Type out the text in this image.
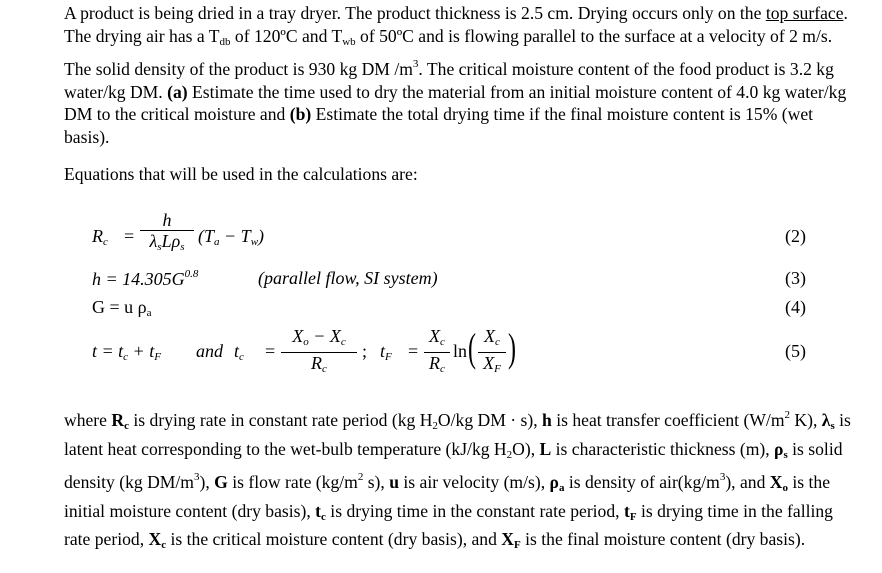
A product is being dried in a tray dryer. The product thickness is 2.5 cm. Drying occurs only on the top surface. The drying air has a $T_{db}$ of 120ºC and $T_{wb}$ of 50ºC and is flowing parallel to the surface at a velocity of 2 m/s. The solid density of the product is 930 kg DM $/m^3$. The critical moisture content of the food product is 3.2 kg water/kg DM. (a) Estimate the time used to dry the material from an initial moisture content of 4.0 kg water/kg DM to the critical moisture and (b) Estimate the total drying time if the final moisture content is 15% (wet basis).

Equations that will be used in the calculations are:

$R_c$ =
h
$\lambda_sL\rho_s$
$(T_a - T_w)$	(2)
$h = 14.305G^{0.8}$	(parallel flow, SI system)	(3)
G = u $\rho_a$	(4)
$t = t_c + t_F$ and $t_c$ =
$X_o - X_c$
$R_c$
; $t_F$ =
$X_c$
$R_c$
ln ( $X_c$
$X_F$ )	(5)

where $R_c$ is drying rate in constant rate period (kg $H_2O/kg$ DM · s), h is heat transfer coefficient ($W/m^2$ K), $\lambda_s$ is latent heat corresponding to the wet-bulb temperature (kJ/kg $H_2O$), L is characteristic thickness (m), $\rho_s$ is solid density (kg $DM/m^3$), G is flow rate ($kg/m^2$ s), u is air velocity (m/s), $\rho_a$ is density of $air(kg/m^3)$, and $X_o$ is the initial moisture content (dry basis), $t_c$ is drying time in the constant rate period, $t_F$ is drying time in the falling rate period, $X_c$ is the critical moisture content (dry basis), and $X_F$ is the final moisture content (dry basis).
